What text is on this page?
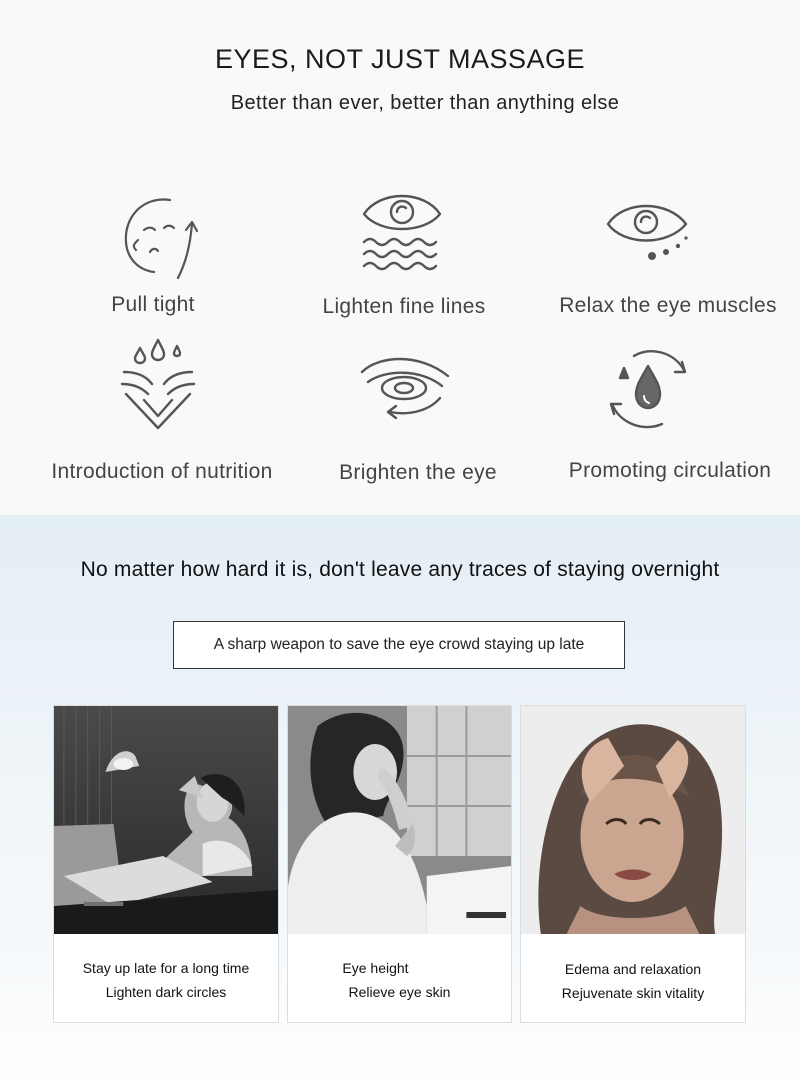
EYES, NOT JUST MASSAGE
Better than ever, better than anything else
Pull tight	Lighten fine lines	Relax the eye muscles
Introduction of nutrition	Brighten the eye	Promoting circulation
No matter how hard it is, don't leave any traces of staying overnight
A sharp weapon to save the eye crowd staying up late
Stay up late for a long time
Lighten dark circles
Eye height
Relieve eye skin
Edema and relaxation
Rejuvenate skin vitality
